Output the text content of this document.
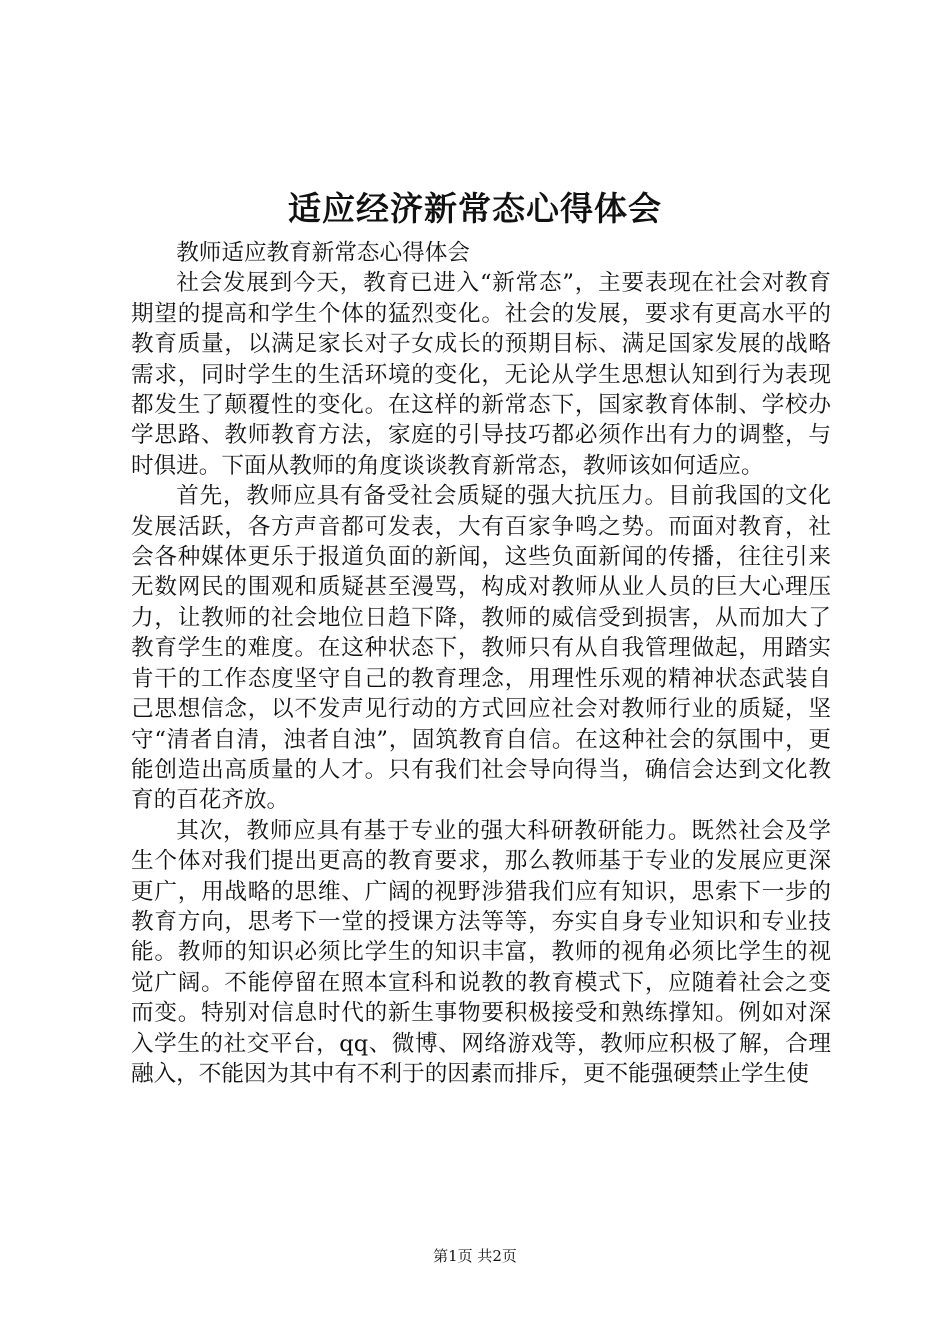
适应经济新常态心得体会

教师适应教育新常态心得体会

社会发展到今天，教育已进入“新常态”，主要表现在社会对教育期望的提高和学生个体的猛烈变化。社会的发展，要求有更高水平的教育质量，以满足家长对子女成长的预期目标、满足国家发展的战略需求，同时学生的生活环境的变化，无论从学生思想认知到行为表现都发生了颠覆性的变化。在这样的新常态下，国家教育体制、学校办学思路、教师教育方法，家庭的引导技巧都必须作出有力的调整，与时俱进。下面从教师的角度谈谈教育新常态，教师该如何适应。

首先，教师应具有备受社会质疑的强大抗压力。目前我国的文化发展活跃，各方声音都可发表，大有百家争鸣之势。而面对教育，社会各种媒体更乐于报道负面的新闻，这些负面新闻的传播，往往引来无数网民的围观和质疑甚至漫骂，构成对教师从业人员的巨大心理压力，让教师的社会地位日趋下降，教师的威信受到损害，从而加大了教育学生的难度。在这种状态下，教师只有从自我管理做起，用踏实肯干的工作态度坚守自己的教育理念，用理性乐观的精神状态武装自己思想信念，以不发声见行动的方式回应社会对教师行业的质疑，坚守“清者自清，浊者自浊”，固筑教育自信。在这种社会的氛围中，更能创造出高质量的人才。只有我们社会导向得当，确信会达到文化教育的百花齐放。

其次，教师应具有基于专业的强大科研教研能力。既然社会及学生个体对我们提出更高的教育要求，那么教师基于专业的发展应更深更广，用战略的思维、广阔的视野涉猎我们应有知识，思索下一步的教育方向，思考下一堂的授课方法等等，夯实自身专业知识和专业技能。教师的知识必须比学生的知识丰富，教师的视角必须比学生的视觉广阔。不能停留在照本宣科和说教的教育模式下，应随着社会之变而变。特别对信息时代的新生事物要积极接受和熟练撑知。例如对深入学生的社交平台，qq、微博、网络游戏等，教师应积极了解，合理融入，不能因为其中有不利于的因素而排斥，更不能强硬禁止学生使

第1页 共2页
